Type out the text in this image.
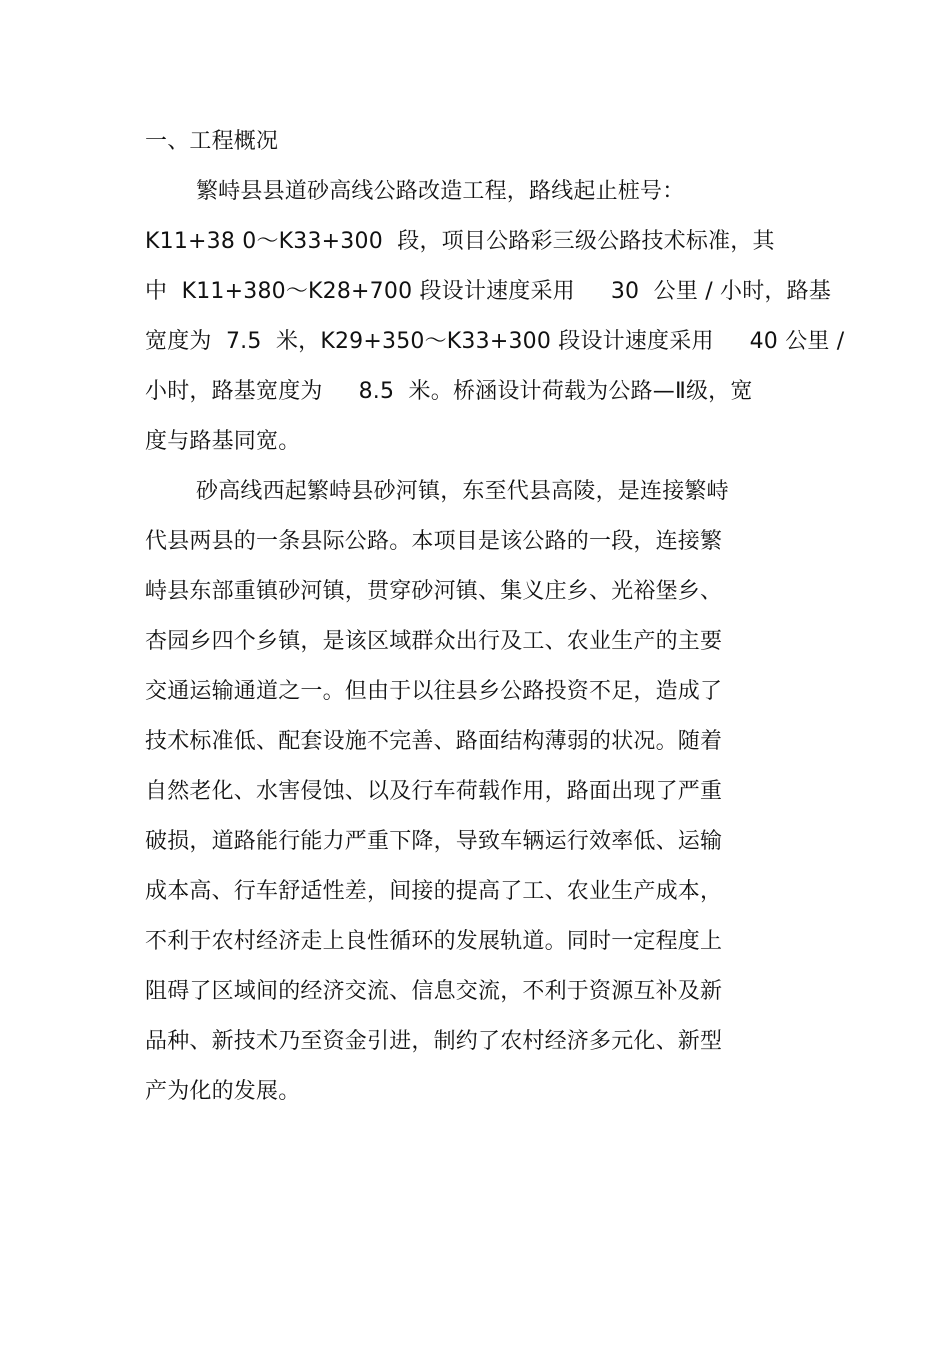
一、工程概况
繁峙县县道砂高线公路改造工程，路线起止桩号：
K11+38 0～K33+300  段，项目公路彩三级公路技术标准，其
中  K11+380～K28+700 段设计速度采用     30  公里 / 小时，路基
宽度为  7.5  米，K29+350～K33+300 段设计速度采用     40 公里 /
小时，路基宽度为     8.5  米。桥涵设计荷载为公路—Ⅱ级，宽
度与路基同宽。
砂高线西起繁峙县砂河镇，东至代县高陵，是连接繁峙
代县两县的一条县际公路。本项目是该公路的一段，连接繁
峙县东部重镇砂河镇，贯穿砂河镇、集义庄乡、光裕堡乡、
杏园乡四个乡镇，是该区域群众出行及工、农业生产的主要
交通运输通道之一。但由于以往县乡公路投资不足，造成了
技术标准低、配套设施不完善、路面结构薄弱的状况。随着
自然老化、水害侵蚀、以及行车荷载作用，路面出现了严重
破损，道路能行能力严重下降，导致车辆运行效率低、运输
成本高、行车舒适性差，间接的提高了工、农业生产成本，
不利于农村经济走上良性循环的发展轨道。同时一定程度上
阻碍了区域间的经济交流、信息交流，不利于资源互补及新
品种、新技术乃至资金引进，制约了农村经济多元化、新型
产为化的发展。
